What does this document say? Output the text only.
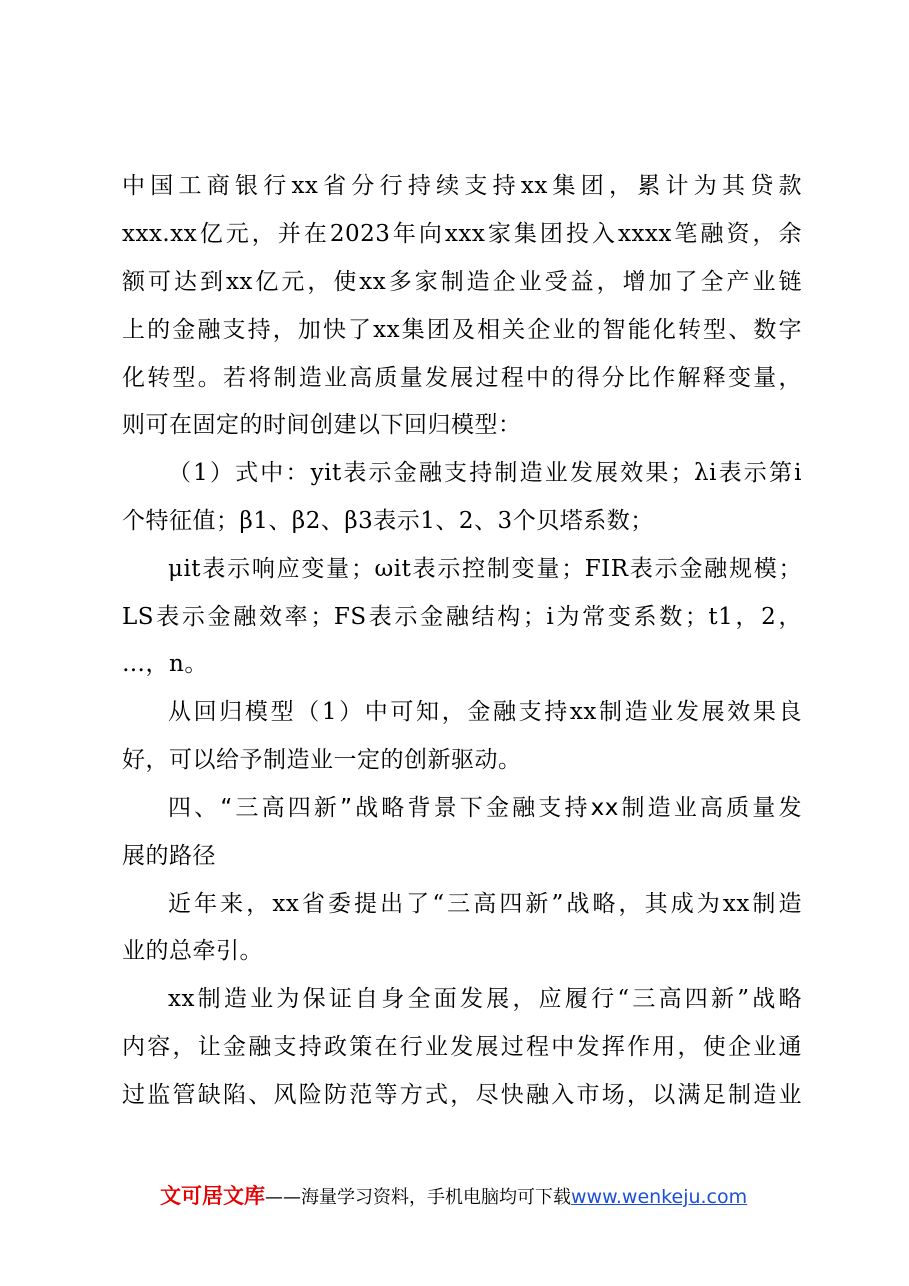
中国工商银行xx省分行持续支持xx集团，累计为其贷款
xxx.xx亿元，并在2023年向xxx家集团投入xxxx笔融资，余
额可达到xx亿元，使xx多家制造企业受益，增加了全产业链
上的金融支持，加快了xx集团及相关企业的智能化转型、数字
化转型。若将制造业高质量发展过程中的得分比作解释变量，
则可在固定的时间创建以下回归模型：
（1）式中：yit表示金融支持制造业发展效果；λi表示第i
个特征值；β1、β2、β3表示1、2、3个贝塔系数；
μit表示响应变量；ωit表示控制变量；FIR表示金融规模；
LS表示金融效率；FS表示金融结构；i为常变系数；t1，2，
…，n。
从回归模型（1）中可知，金融支持xx制造业发展效果良
好，可以给予制造业一定的创新驱动。
四、“三高四新”战略背景下金融支持xx制造业高质量发
展的路径
近年来，xx省委提出了“三高四新”战略，其成为xx制造
业的总牵引。
xx制造业为保证自身全面发展，应履行“三高四新”战略
内容，让金融支持政策在行业发展过程中发挥作用，使企业通
过监管缺陷、风险防范等方式，尽快融入市场，以满足制造业
文可居文库——海量学习资料，手机电脑均可下载www.wenkeju.com
